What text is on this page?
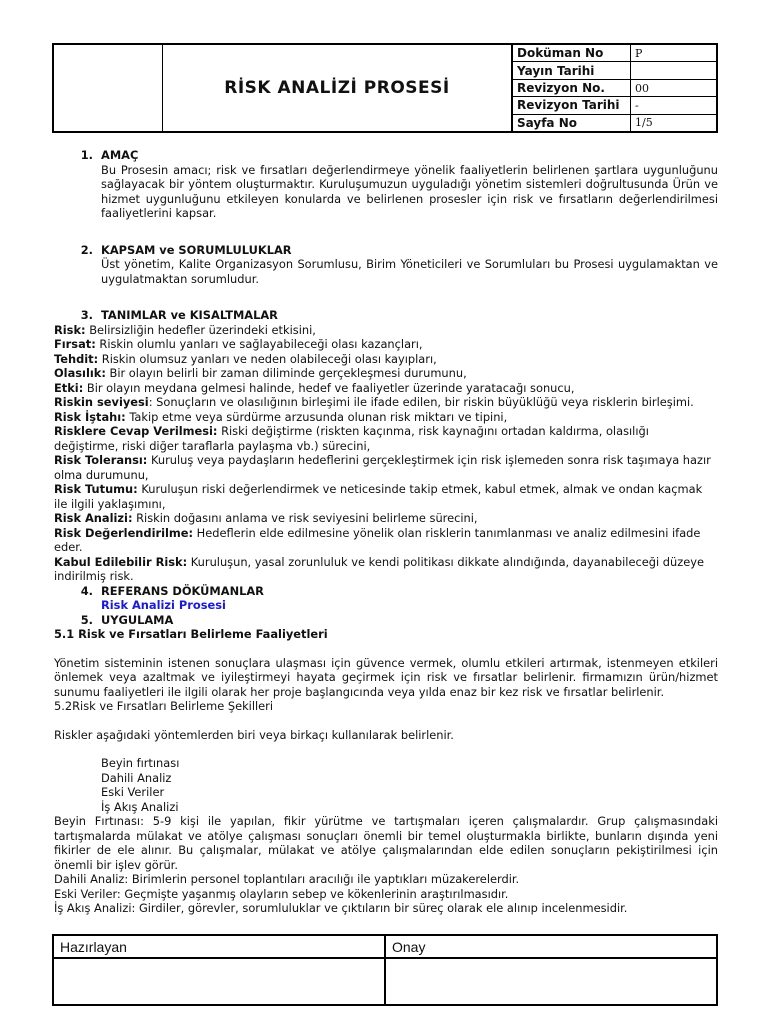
RİSK ANALİZİ PROSESİ
Doküman No	P
Yayın Tarihi
Revizyon No.	00
Revizyon Tarihi	-
Sayfa No	1/5
1. AMAÇ
Bu Prosesin amacı; risk ve fırsatları değerlendirmeye yönelik faaliyetlerin belirlenen şartlara uygunluğunu sağlayacak bir yöntem oluşturmaktır. Kuruluşumuzun uyguladığı yönetim sistemleri doğrultusunda Ürün ve hizmet uygunluğunu etkileyen konularda ve belirlenen prosesler için risk ve fırsatların değerlendirilmesi faaliyetlerini kapsar.
2. KAPSAM ve SORUMLULUKLAR
Üst yönetim, Kalite Organizasyon Sorumlusu, Birim Yöneticileri ve Sorumluları bu Prosesi uygulamaktan ve uygulatmaktan sorumludur.
3. TANIMLAR ve KISALTMALAR
Risk: Belirsizliğin hedefler üzerindeki etkisini,
Fırsat: Riskin olumlu yanları ve sağlayabileceği olası kazançları,
Tehdit: Riskin olumsuz yanları ve neden olabileceği olası kayıpları,
Olasılık: Bir olayın belirli bir zaman diliminde gerçekleşmesi durumunu,
Etki: Bir olayın meydana gelmesi halinde, hedef ve faaliyetler üzerinde yaratacağı sonucu,
Riskin seviyesi: Sonuçların ve olasılığının birleşimi ile ifade edilen, bir riskin büyüklüğü veya risklerin birleşimi.
Risk İştahı: Takip etme veya sürdürme arzusunda olunan risk miktarı ve tipini,
Risklere Cevap Verilmesi: Riski değiştirme (riskten kaçınma, risk kaynağını ortadan kaldırma, olasılığı değiştirme, riski diğer taraflarla paylaşma vb.) sürecini,
Risk Toleransı: Kuruluş veya paydaşların hedeflerini gerçekleştirmek için risk işlemeden sonra risk taşımaya hazır olma durumunu,
Risk Tutumu: Kuruluşun riski değerlendirmek ve neticesinde takip etmek, kabul etmek, almak ve ondan kaçmak ile ilgili yaklaşımını,
Risk Analizi: Riskin doğasını anlama ve risk seviyesini belirleme sürecini,
Risk Değerlendirilme: Hedeflerin elde edilmesine yönelik olan risklerin tanımlanması ve analiz edilmesini ifade eder.
Kabul Edilebilir Risk: Kuruluşun, yasal zorunluluk ve kendi politikası dikkate alındığında, dayanabileceği düzeye indirilmiş risk.
4. REFERANS DÖKÜMANLAR
Risk Analizi Prosesi
5. UYGULAMA
5.1 Risk ve Fırsatları Belirleme Faaliyetleri
Yönetim sisteminin istenen sonuçlara ulaşması için güvence vermek, olumlu etkileri artırmak, istenmeyen etkileri önlemek veya azaltmak ve iyileştirmeyi hayata geçirmek için risk ve fırsatlar belirlenir. firmamızın ürün/hizmet sunumu faaliyetleri ile ilgili olarak her proje başlangıcında veya yılda enaz bir kez risk ve fırsatlar belirlenir.
5.2Risk ve Fırsatları Belirleme Şekilleri
Riskler aşağıdaki yöntemlerden biri veya birkaçı kullanılarak belirlenir.
Beyin fırtınası
Dahili Analiz
Eski Veriler
İş Akış Analizi
Beyin Fırtınası: 5-9 kişi ile yapılan, fikir yürütme ve tartışmaları içeren çalışmalardır. Grup çalışmasındaki tartışmalarda mülakat ve atölye çalışması sonuçları önemli bir temel oluşturmakla birlikte, bunların dışında yeni fikirler de ele alınır. Bu çalışmalar, mülakat ve atölye çalışmalarından elde edilen sonuçların pekiştirilmesi için önemli bir işlev görür.
Dahili Analiz: Birimlerin personel toplantıları aracılığı ile yaptıkları müzakerelerdir.
Eski Veriler: Geçmişte yaşanmış olayların sebep ve kökenlerinin araştırılmasıdır.
İş Akış Analizi: Girdiler, görevler, sorumluluklar ve çıktıların bir süreç olarak ele alınıp incelenmesidir.
Hazırlayan	Onay
